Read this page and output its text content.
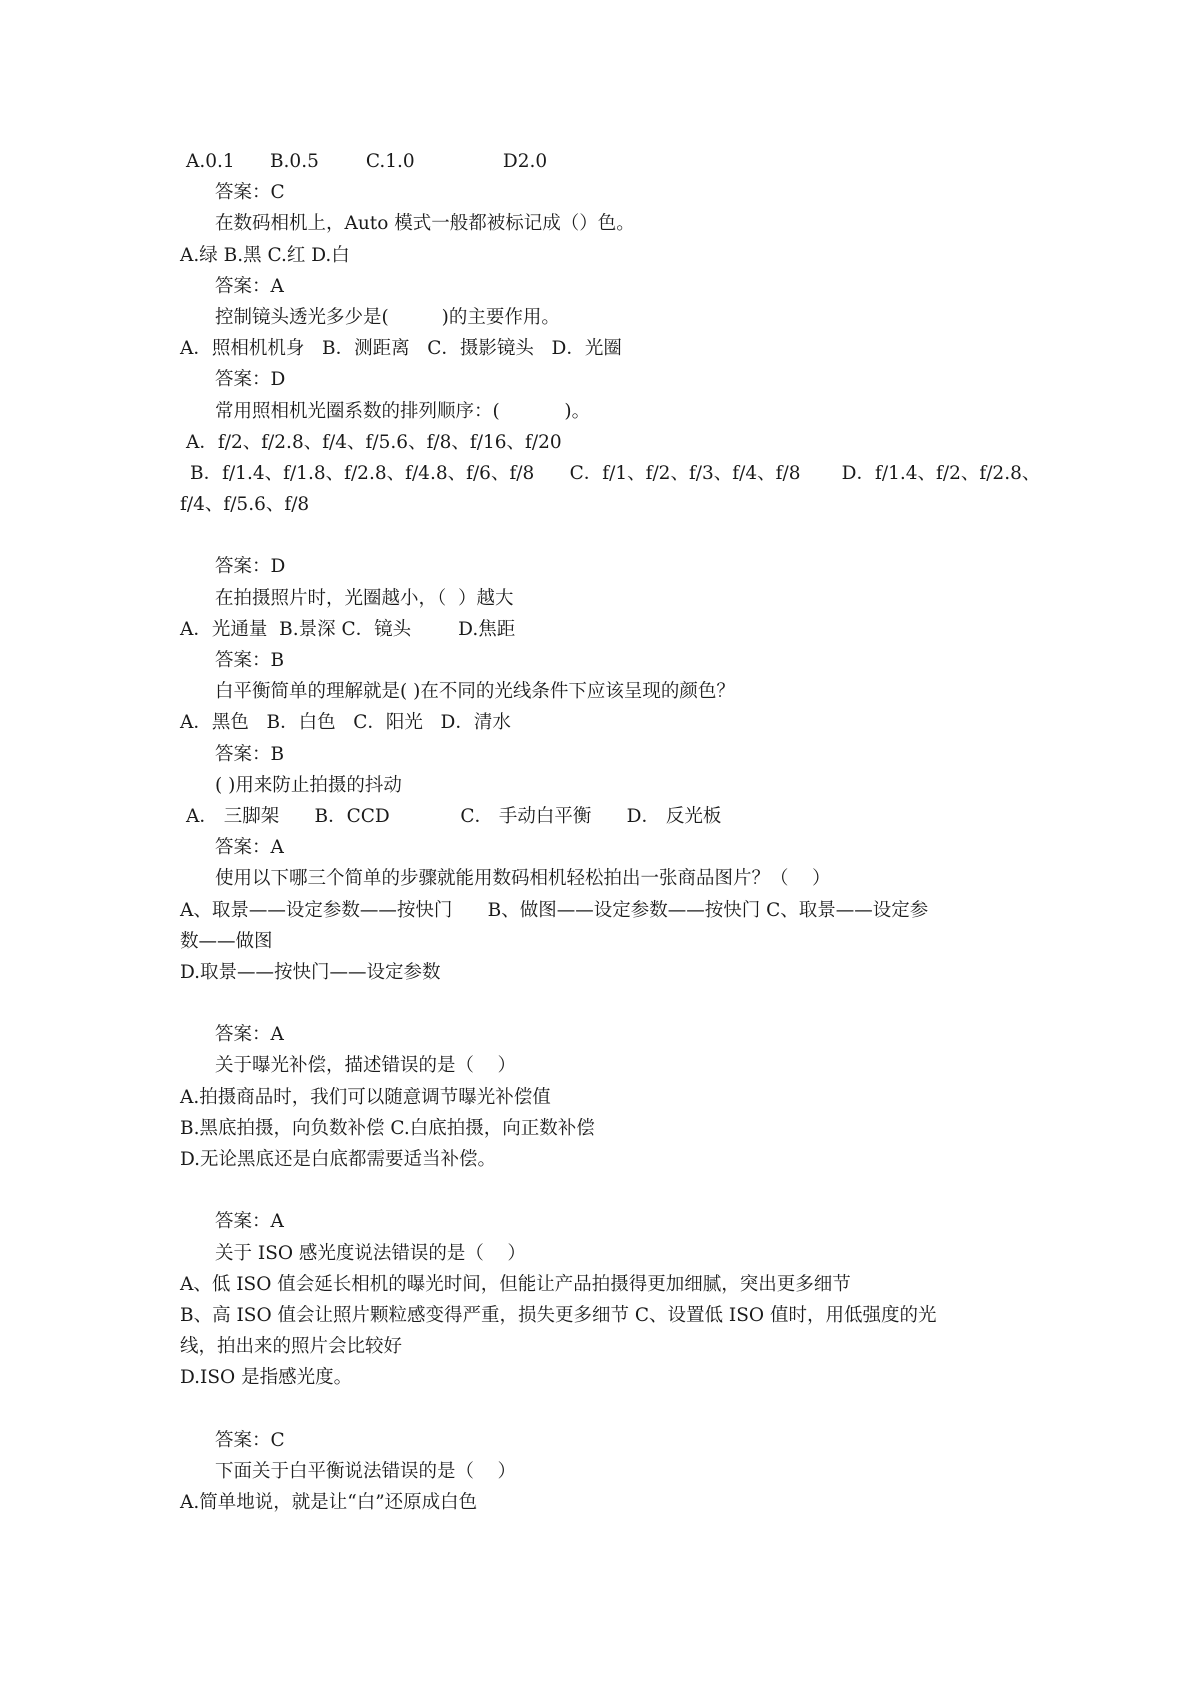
A.0.1      B.0.5        C.1.0               D2.0
答案：C
在数码相机上，Auto 模式一般都被标记成（）色。
A.绿 B.黑 C.红 D.白
答案：A
控制镜头透光多少是(         )的主要作用。
A．照相机机身   B．测距离   C．摄影镜头   D．光圈
答案：D
常用照相机光圈系数的排列顺序：(           )。
A．f/2、f/2.8、f/4、f/5.6、f/8、f/16、f/20
B．f/1.4、f/1.8、f/2.8、f/4.8、f/6、f/8      C．f/1、f/2、f/3、f/4、f/8       D．f/1.4、f/2、f/2.8、
f/4、f/5.6、f/8
答案：D
在拍摄照片时，光圈越小，（  ）越大
A．光通量  B.景深 C．镜头        D.焦距
答案：B
白平衡简单的理解就是( )在不同的光线条件下应该呈现的颜色？
A．黑色   B．白色   C．阳光   D．清水
答案：B
( )用来防止拍摄的抖动
A． 三脚架      B．CCD            C． 手动白平衡      D． 反光板
答案：A
使用以下哪三个简单的步骤就能用数码相机轻松拍出一张商品图片？（    ）
A、取景——设定参数——按快门      B、做图——设定参数——按快门 C、取景——设定参
数——做图
D.取景——按快门——设定参数
答案：A
关于曝光补偿，描述错误的是（    ）
A.拍摄商品时，我们可以随意调节曝光补偿值
B.黑底拍摄，向负数补偿 C.白底拍摄，向正数补偿
D.无论黑底还是白底都需要适当补偿。
答案：A
关于 ISO 感光度说法错误的是（    ）
A、低 ISO 值会延长相机的曝光时间，但能让产品拍摄得更加细腻，突出更多细节
B、高 ISO 值会让照片颗粒感变得严重，损失更多细节 C、设置低 ISO 值时，用低强度的光
线，拍出来的照片会比较好
D.ISO 是指感光度。
答案：C
下面关于白平衡说法错误的是（    ）
A.简单地说，就是让“白”还原成白色
